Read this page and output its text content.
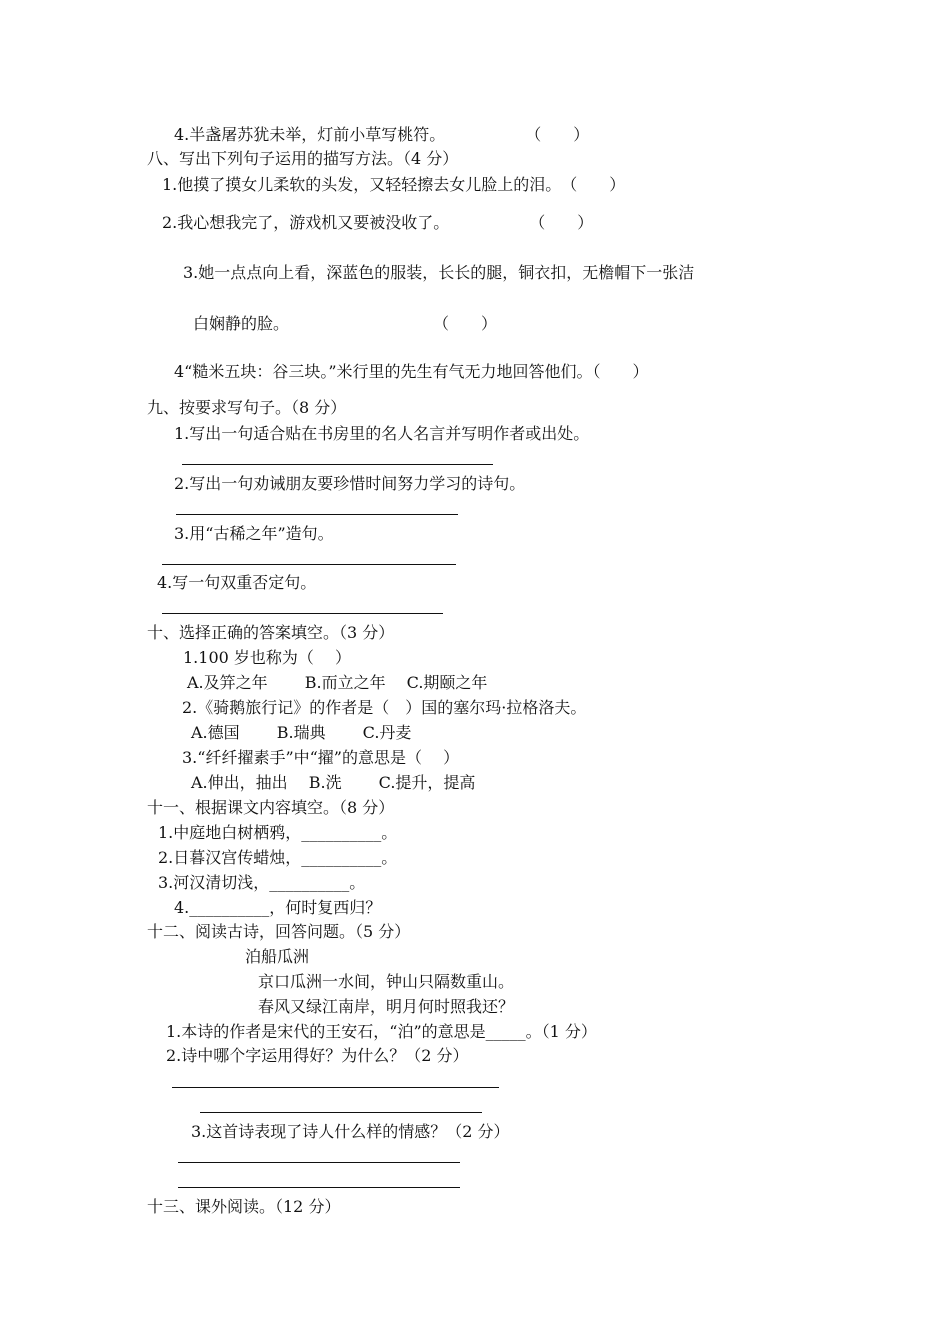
4.半盏屠苏犹未举，灯前小草写桃符。　　　　　　（　　）
八、写出下列句子运用的描写方法。（4 分）
1.他摸了摸女儿柔软的头发，又轻轻擦去女儿脸上的泪。　（　　）
2.我心想我完了，游戏机又要被没收了。　　　　　　（　　）
3.她一点点向上看，深蓝色的服装，长长的腿，铜衣扣，无檐帽下一张洁
白娴静的脸。　　　　　　　　　　（　　）
4“糙米五块：谷三块。”米行里的先生有气无力地回答他们。（　　）
九、按要求写句子。（8 分）
1.写出一句适合贴在书房里的名人名言并写明作者或出处。
2.写出一句劝诫朋友要珍惜时间努力学习的诗句。
3.用“古稀之年”造句。
4.写一句双重否定句。
十、选择正确的答案填空。（3 分）
1.100 岁也称为（　 ）
A.及笄之年　　 B.而立之年　 C.期颐之年
2.《骑鹅旅行记》的作者是（　）国的塞尔玛·拉格洛夫。
A.德国　　 B.瑞典　　 C.丹麦
3.“纤纤擢素手”中“擢”的意思是（　 ）
A.伸出，抽出　 B.洗　　 C.提升，提高
十一、根据课文内容填空。（8 分）
1.中庭地白树栖鸦，__________。
2.日暮汉宫传蜡烛，__________。
3.河汉清切浅，__________。
4.__________，何时复西归？
十二、阅读古诗，回答问题。（5 分）
泊船瓜洲
京口瓜洲一水间，钟山只隔数重山。
春风又绿江南岸，明月何时照我还？
1.本诗的作者是宋代的王安石，“泊”的意思是_____。（1 分）
2.诗中哪个字运用得好？为什么？（2 分）
3.这首诗表现了诗人什么样的情感？（2 分）
十三、课外阅读。（12 分）
